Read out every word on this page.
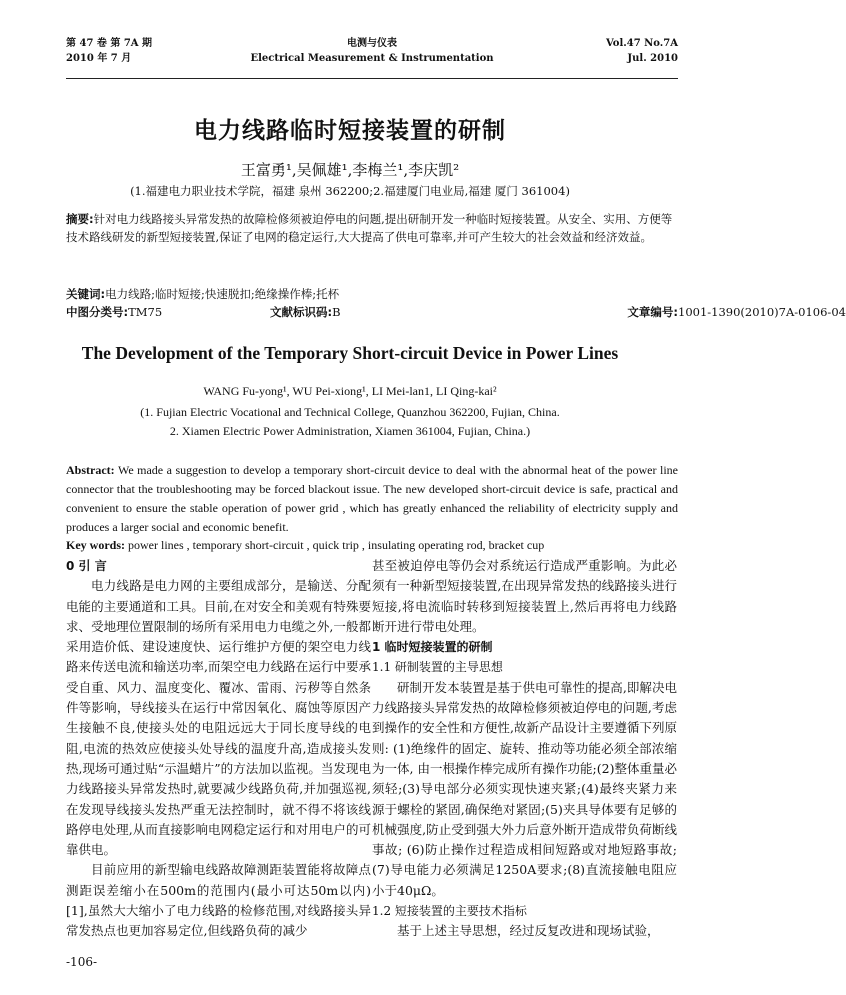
第 47 卷 第 7A 期
2010 年 7 月
电测与仪表
Electrical Measurement & Instrumentation
Vol.47 No.7A
Jul. 2010
电力线路临时短接装置的研制
王富勇¹,吴佩雄¹,李梅兰¹,李庆凯²
(1.福建电力职业技术学院，福建 泉州 362200;2.福建厦门电业局,福建 厦门 361004)
摘要:针对电力线路接头异常发热的故障检修须被迫停电的问题,提出研制开发一种临时短接装置。从安全、实用、方便等技术路线研发的新型短接装置,保证了电网的稳定运行,大大提高了供电可靠率,并可产生较大的社会效益和经济效益。
关键词:电力线路;临时短接;快速脱扣;绝缘操作棒;托杯
中图分类号: TM75	文献标识码: B	文章编号: 1001-1390(2010)7A-0106-04
The Development of the Temporary Short-circuit Device in Power Lines
WANG Fu-yong¹, WU Pei-xiong¹, LI Mei-lan1, LI Qing-kai²
(1. Fujian Electric Vocational and Technical College, Quanzhou 362200, Fujian, China.
2. Xiamen Electric Power Administration, Xiamen 361004, Fujian, China.)
Abstract: We made a suggestion to develop a temporary short-circuit device to deal with the abnormal heat of the power line connector that the troubleshooting may be forced blackout issue. The new developed short-circuit device is safe, practical and convenient to ensure the stable operation of power grid , which has greatly enhanced the reliability of electricity supply and produces a larger social and economic benefit.
Key words: power lines , temporary short-circuit , quick trip , insulating operating rod, bracket cup
0 引 言

电力线路是电力网的主要组成部分，是输送、分配电能的主要通道和工具。目前,在对安全和美观有特殊要求、受地理位置限制的场所有采用电力电缆之外,一般都采用造价低、建设速度快、运行维护方便的架空电力线路来传送电流和输送功率,而架空电力线路在运行中要承受自重、风力、温度变化、覆冰、雷雨、污秽等自然条件等影响，导线接头在运行中常因氧化、腐蚀等原因产生接触不良,使接头处的电阻远远大于同长度导线的电阻,电流的热效应使接头处导线的温度升高,造成接头发热,现场可通过贴“示温蜡片”的方法加以监视。当发现电力线路接头异常发热时,就要减少线路负荷,并加强巡视,在发现导线接头发热严重无法控制时，就不得不将该线路停电处理,从而直接影响电网稳定运行和对用电户的可靠供电。

目前应用的新型输电线路故障测距装置能将故障点测距误差缩小在500m的范围内(最小可达50m以内)[1],虽然大大缩小了电力线路的检修范围,对线路接头异常发热点也更加容易定位,但线路负荷的减少

甚至被迫停电等仍会对系统运行造成严重影响。为此必须有一种新型短接装置,在出现异常发热的线路接头进行短接,将电流临时转移到短接装置上,然后再将电力线路断开进行带电处理。

1 临时短接装置的研制
1.1 研制装置的主导思想

研制开发本装置是基于供电可靠性的提高,即解决电力线路接头异常发热的故障检修须被迫停电的问题,考虑到操作的安全性和方便性,故新产品设计主要遵循下列原则: (1)绝缘件的固定、旋转、推动等功能必须全部浓缩为一体, 由一根操作棒完成所有操作功能;(2)整体重量必须轻;(3)导电部分必须实现快速夹紧;(4)最终夹紧力来源于螺栓的紧固,确保绝对紧固;(5)夹具导体要有足够的机械强度,防止受到强大外力后意外断开造成带负荷断线事故; (6)防止操作过程造成相间短路或对地短路事故;(7)导电能力必须满足1250A要求;(8)直流接触电阻应小于40μΩ。

1.2 短接装置的主要技术指标

基于上述主导思想，经过反复改进和现场试验，

-106-
